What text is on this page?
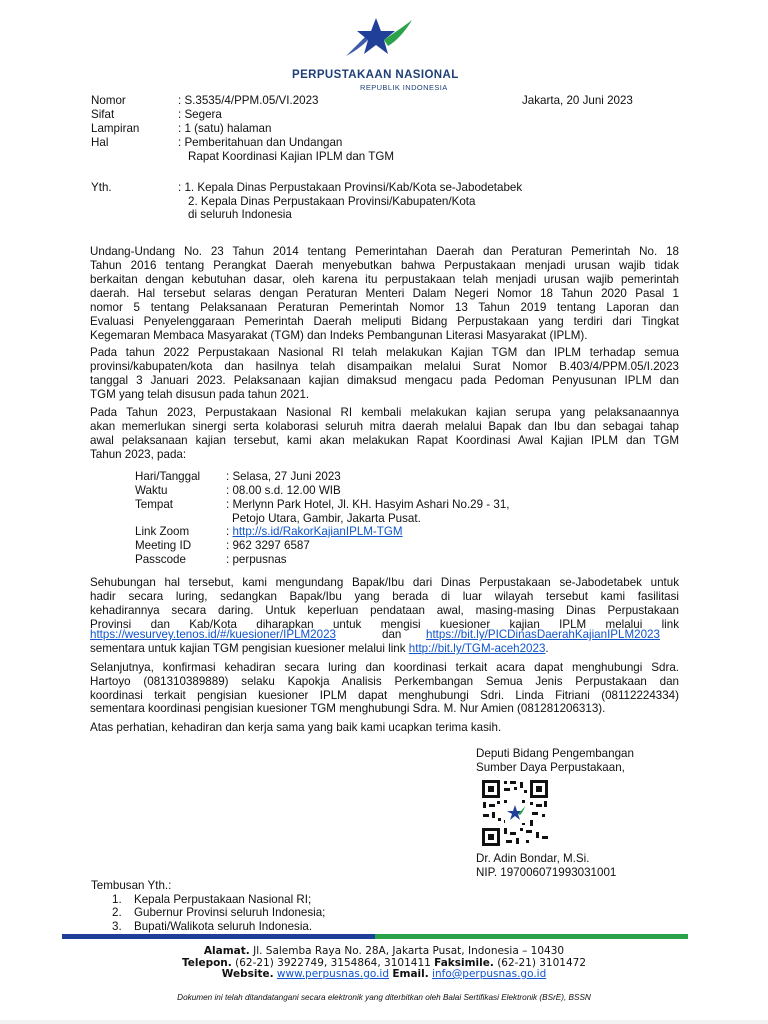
PERPUSTAKAAN NASIONAL
REPUBLIK INDONESIA
Nomor	: S.3535/4/PPM.05/VI.2023	Jakarta, 20 Juni 2023
Sifat	: Segera
Lampiran	: 1 (satu) halaman
Hal	: Pemberitahuan dan Undangan
Rapat Koordinasi Kajian IPLM dan TGM
Yth.	: 1. Kepala Dinas Perpustakaan Provinsi/Kab/Kota se-Jabodetabek
2. Kepala Dinas Perpustakaan Provinsi/Kabupaten/Kota
di seluruh Indonesia
Undang-Undang No. 23 Tahun 2014 tentang Pemerintahan Daerah dan Peraturan Pemerintah No. 18
Tahun 2016 tentang Perangkat Daerah menyebutkan bahwa Perpustakaan menjadi urusan wajib tidak
berkaitan dengan kebutuhan dasar, oleh karena itu perpustakaan telah menjadi urusan wajib pemerintah
daerah. Hal tersebut selaras dengan Peraturan Menteri Dalam Negeri Nomor 18 Tahun 2020 Pasal 1
nomor 5 tentang Pelaksanaan Peraturan Pemerintah Nomor 13 Tahun 2019 tentang Laporan dan
Evaluasi Penyelenggaraan Pemerintah Daerah meliputi Bidang Perpustakaan yang terdiri dari Tingkat
Kegemaran Membaca Masyarakat (TGM) dan Indeks Pembangunan Literasi Masyarakat (IPLM).
Pada tahun 2022 Perpustakaan Nasional RI telah melakukan Kajian TGM dan IPLM terhadap semua
provinsi/kabupaten/kota dan hasilnya telah disampaikan melalui Surat Nomor B.403/4/PPM.05/I.2023
tanggal 3 Januari 2023. Pelaksanaan kajian dimaksud mengacu pada Pedoman Penyusunan IPLM dan
TGM yang telah disusun pada tahun 2021.
Pada Tahun 2023, Perpustakaan Nasional RI kembali melakukan kajian serupa yang pelaksanaannya
akan memerlukan sinergi serta kolaborasi seluruh mitra daerah melalui Bapak dan Ibu dan sebagai tahap
awal pelaksanaan kajian tersebut, kami akan melakukan Rapat Koordinasi Awal Kajian IPLM dan TGM
Tahun 2023, pada:
Hari/Tanggal : Selasa, 27 Juni 2023
Waktu	: 08.00 s.d. 12.00 WIB
Tempat	: Merlynn Park Hotel, Jl. KH. Hasyim Ashari No.29 - 31,
Petojo Utara, Gambir, Jakarta Pusat.
Link Zoom	: http://s.id/RakorKajianIPLM-TGM
Meeting ID	: 962 3297 6587
Passcode	: perpusnas
Sehubungan hal tersebut, kami mengundang Bapak/Ibu dari Dinas Perpustakaan se-Jabodetabek untuk
hadir secara luring, sedangkan Bapak/Ibu yang berada di luar wilayah tersebut kami fasilitasi
kehadirannya secara daring. Untuk keperluan pendataan awal, masing-masing Dinas Perpustakaan
Provinsi dan Kab/Kota diharapkan untuk mengisi kuesioner kajian IPLM melalui link
https://wesurvey.tenos.id/#/kuesioner/IPLM2023	dan https://bit.ly/PICDinasDaerahKajianIPLM2023
sementara untuk kajian TGM pengisian kuesioner melalui link http://bit.ly/TGM-aceh2023.
Selanjutnya, konfirmasi kehadiran secara luring dan koordinasi terkait acara dapat menghubungi Sdra.
Hartoyo (081310389889) selaku Kapokja Analisis Perkembangan Semua Jenis Perpustakaan dan
koordinasi terkait pengisian kuesioner IPLM dapat menghubungi Sdri. Linda Fitriani (08112224334)
sementara koordinasi pengisian kuesioner TGM menghubungi Sdra. M. Nur Amien (081281206313).
Atas perhatian, kehadiran dan kerja sama yang baik kami ucapkan terima kasih.
Deputi Bidang Pengembangan
Sumber Daya Perpustakaan,
Dr. Adin Bondar, M.Si.
NIP. 197006071993031001
Tembusan Yth.:
1. Kepala Perpustakaan Nasional RI;
2. Gubernur Provinsi seluruh Indonesia;
3. Bupati/Walikota seluruh Indonesia.
Alamat. Jl. Salemba Raya No. 28A, Jakarta Pusat, Indonesia – 10430
Telepon. (62-21) 3922749, 3154864, 3101411 Faksimile. (62-21) 3101472
Website. www.perpusnas.go.id Email. info@perpusnas.go.id
Dokumen ini telah ditandatangani secara elektronik yang diterbitkan oleh Balai Sertifikasi Elektronik (BSrE), BSSN
